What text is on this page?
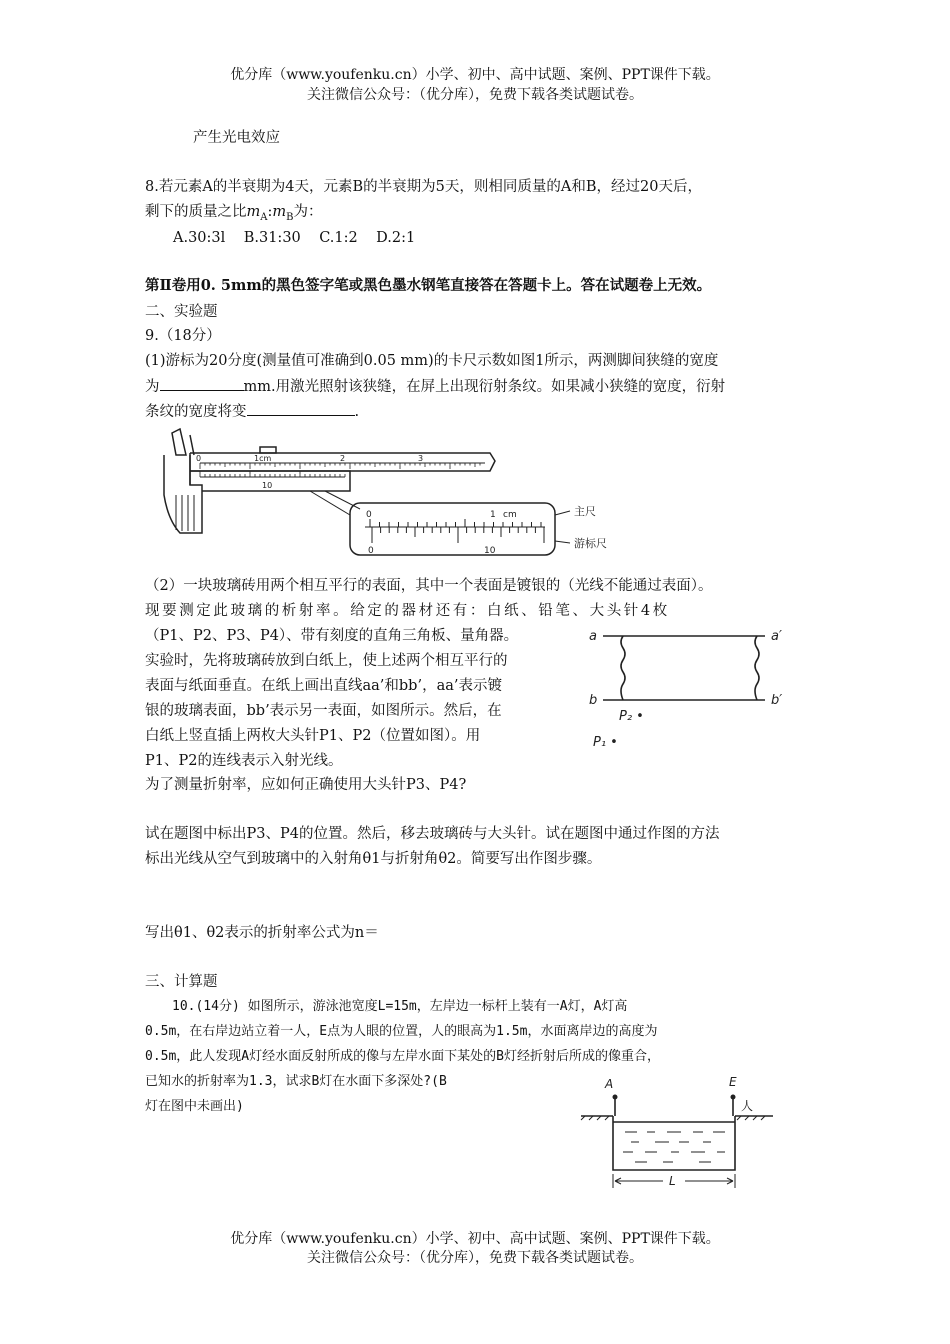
优分库（www.youfenku.cn）小学、初中、高中试题、案例、PPT课件下载。
关注微信公众号：（优分库），免费下载各类试题试卷。
产生光电效应
8.若元素A的半衰期为4天，元素B的半衰期为5天，则相同质量的A和B，经过20天后，
剩下的质量之比$m_A:m_B$为：
A.30:3l    B.31:30    C.1:2    D.2:1
第Ⅱ卷用0. 5mm的黑色签字笔或黑色墨水钢笔直接答在答题卡上。答在试题卷上无效。
二、实验题
9.（18分）
(1)游标为20分度(测量值可准确到0.05 mm)的卡尺示数如图1所示，两测脚间狭缝的宽度
为	mm.用激光照射该狭缝，在屏上出现衍射条纹。如果减小狭缝的宽度，衍射
条纹的宽度将变	.
0	1cm	2	3
10
0	1 cm
0	10
主尺
游标尺
（2）一块玻璃砖用两个相互平行的表面，其中一个表面是镀银的（光线不能通过表面）。
现要测定此玻璃的析射率。给定的器材还有：白纸、铅笔、大头针4枚
（P1、P2、P3、P4）、带有刻度的直角三角板、量角器。
实验时，先将玻璃砖放到白纸上，使上述两个相互平行的
表面与纸面垂直。在纸上画出直线aa’和bb’，aa’表示镀
银的玻璃表面，bb’表示另一表面，如图所示。然后，在
白纸上竖直插上两枚大头针P1、P2（位置如图）。用
P1、P2的连线表示入射光线。
为了测量折射率，应如何正确使用大头针P3、P4?
试在题图中标出P3、P4的位置。然后，移去玻璃砖与大头针。试在题图中通过作图的方法
标出光线从空气到玻璃中的入射角θ1与折射角θ2。简要写出作图步骤。
写出θ1、θ2表示的折射率公式为n＝
a	a′
b	b′
P₂ •
P₁ •
三、计算题
10.(14分) 如图所示，游泳池宽度L=15m，左岸边一标杆上装有一A灯，A灯高
0.5m，在右岸边站立着一人，E点为人眼的位置，人的眼高为1.5m，水面离岸边的高度为
0.5m，此人发现A灯经水面反射所成的像与左岸水面下某处的B灯经折射后所成的像重合，
已知水的折射率为1.3，试求B灯在水面下多深处?(B
灯在图中未画出)
A	E
L
人
优分库（www.youfenku.cn）小学、初中、高中试题、案例、PPT课件下载。
关注微信公众号：（优分库），免费下载各类试题试卷。
